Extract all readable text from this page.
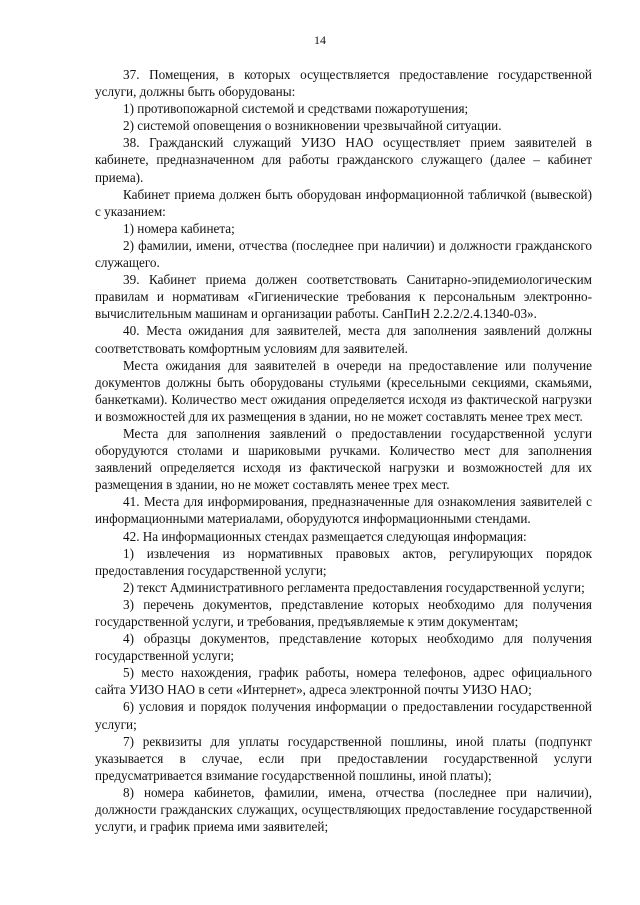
14

37. Помещения, в которых осуществляется предоставление государственной услуги, должны быть оборудованы:

1) противопожарной системой и средствами пожаротушения;

2) системой оповещения о возникновении чрезвычайной ситуации.

38. Гражданский служащий УИЗО НАО осуществляет прием заявителей в кабинете, предназначенном для работы гражданского служащего (далее – кабинет приема).

Кабинет приема должен быть оборудован информационной табличкой (вывеской) с указанием:

1) номера кабинета;

2) фамилии, имени, отчества (последнее при наличии) и должности гражданского служащего.

39. Кабинет приема должен соответствовать Санитарно-эпидемиологическим правилам и нормативам «Гигиенические требования к персональным электронно-вычислительным машинам и организации работы. СанПиН 2.2.2/2.4.1340-03».

40. Места ожидания для заявителей, места для заполнения заявлений должны соответствовать комфортным условиям для заявителей.

Места ожидания для заявителей в очереди на предоставление или получение документов должны быть оборудованы стульями (кресельными секциями, скамьями, банкетками). Количество мест ожидания определяется исходя из фактической нагрузки и возможностей для их размещения в здании, но не может составлять менее трех мест.

Места для заполнения заявлений о предоставлении государственной услуги оборудуются столами и шариковыми ручками. Количество мест для заполнения заявлений определяется исходя из фактической нагрузки и возможностей для их размещения в здании, но не может составлять менее трех мест.

41. Места для информирования, предназначенные для ознакомления заявителей с информационными материалами, оборудуются информационными стендами.

42. На информационных стендах размещается следующая информация:

1) извлечения из нормативных правовых актов, регулирующих порядок предоставления государственной услуги;

2) текст Административного регламента предоставления государственной услуги;

3) перечень документов, представление которых необходимо для получения государственной услуги, и требования, предъявляемые к этим документам;

4) образцы документов, представление которых необходимо для получения государственной услуги;

5) место нахождения, график работы, номера телефонов, адрес официального сайта УИЗО НАО в сети «Интернет», адреса электронной почты УИЗО НАО;

6) условия и порядок получения информации о предоставлении государственной услуги;

7) реквизиты для уплаты государственной пошлины, иной платы (подпункт указывается в случае, если при предоставлении государственной услуги предусматривается взимание государственной пошлины, иной платы);

8) номера кабинетов, фамилии, имена, отчества (последнее при наличии), должности гражданских служащих, осуществляющих предоставление государственной услуги, и график приема ими заявителей;
